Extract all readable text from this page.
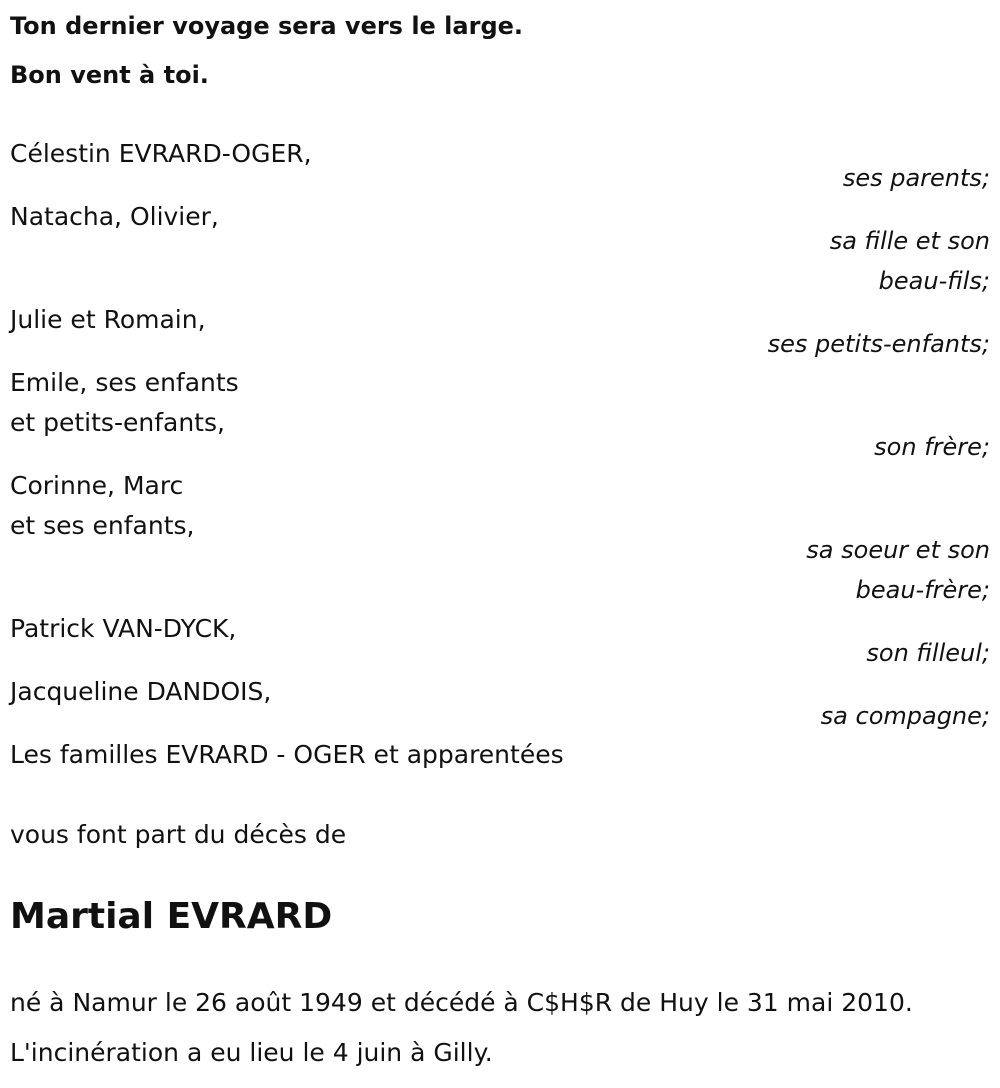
Ton dernier voyage sera vers le large.

Bon vent à toi.

Célestin EVRARD-OGER,

ses parents;

Natacha, Olivier,

sa fille et son

beau-fils;

Julie et Romain,

ses petits-enfants;

Emile, ses enfants

et petits-enfants,

son frère;

Corinne, Marc

et ses enfants,

sa soeur et son

beau-frère;

Patrick VAN-DYCK,

son filleul;

Jacqueline DANDOIS,

sa compagne;

Les familles EVRARD - OGER et apparentées

vous font part du décès de

Martial EVRARD

né à Namur le 26 août 1949 et décédé à C$H$R de Huy le 31 mai 2010.

L'incinération a eu lieu le 4 juin à Gilly.
